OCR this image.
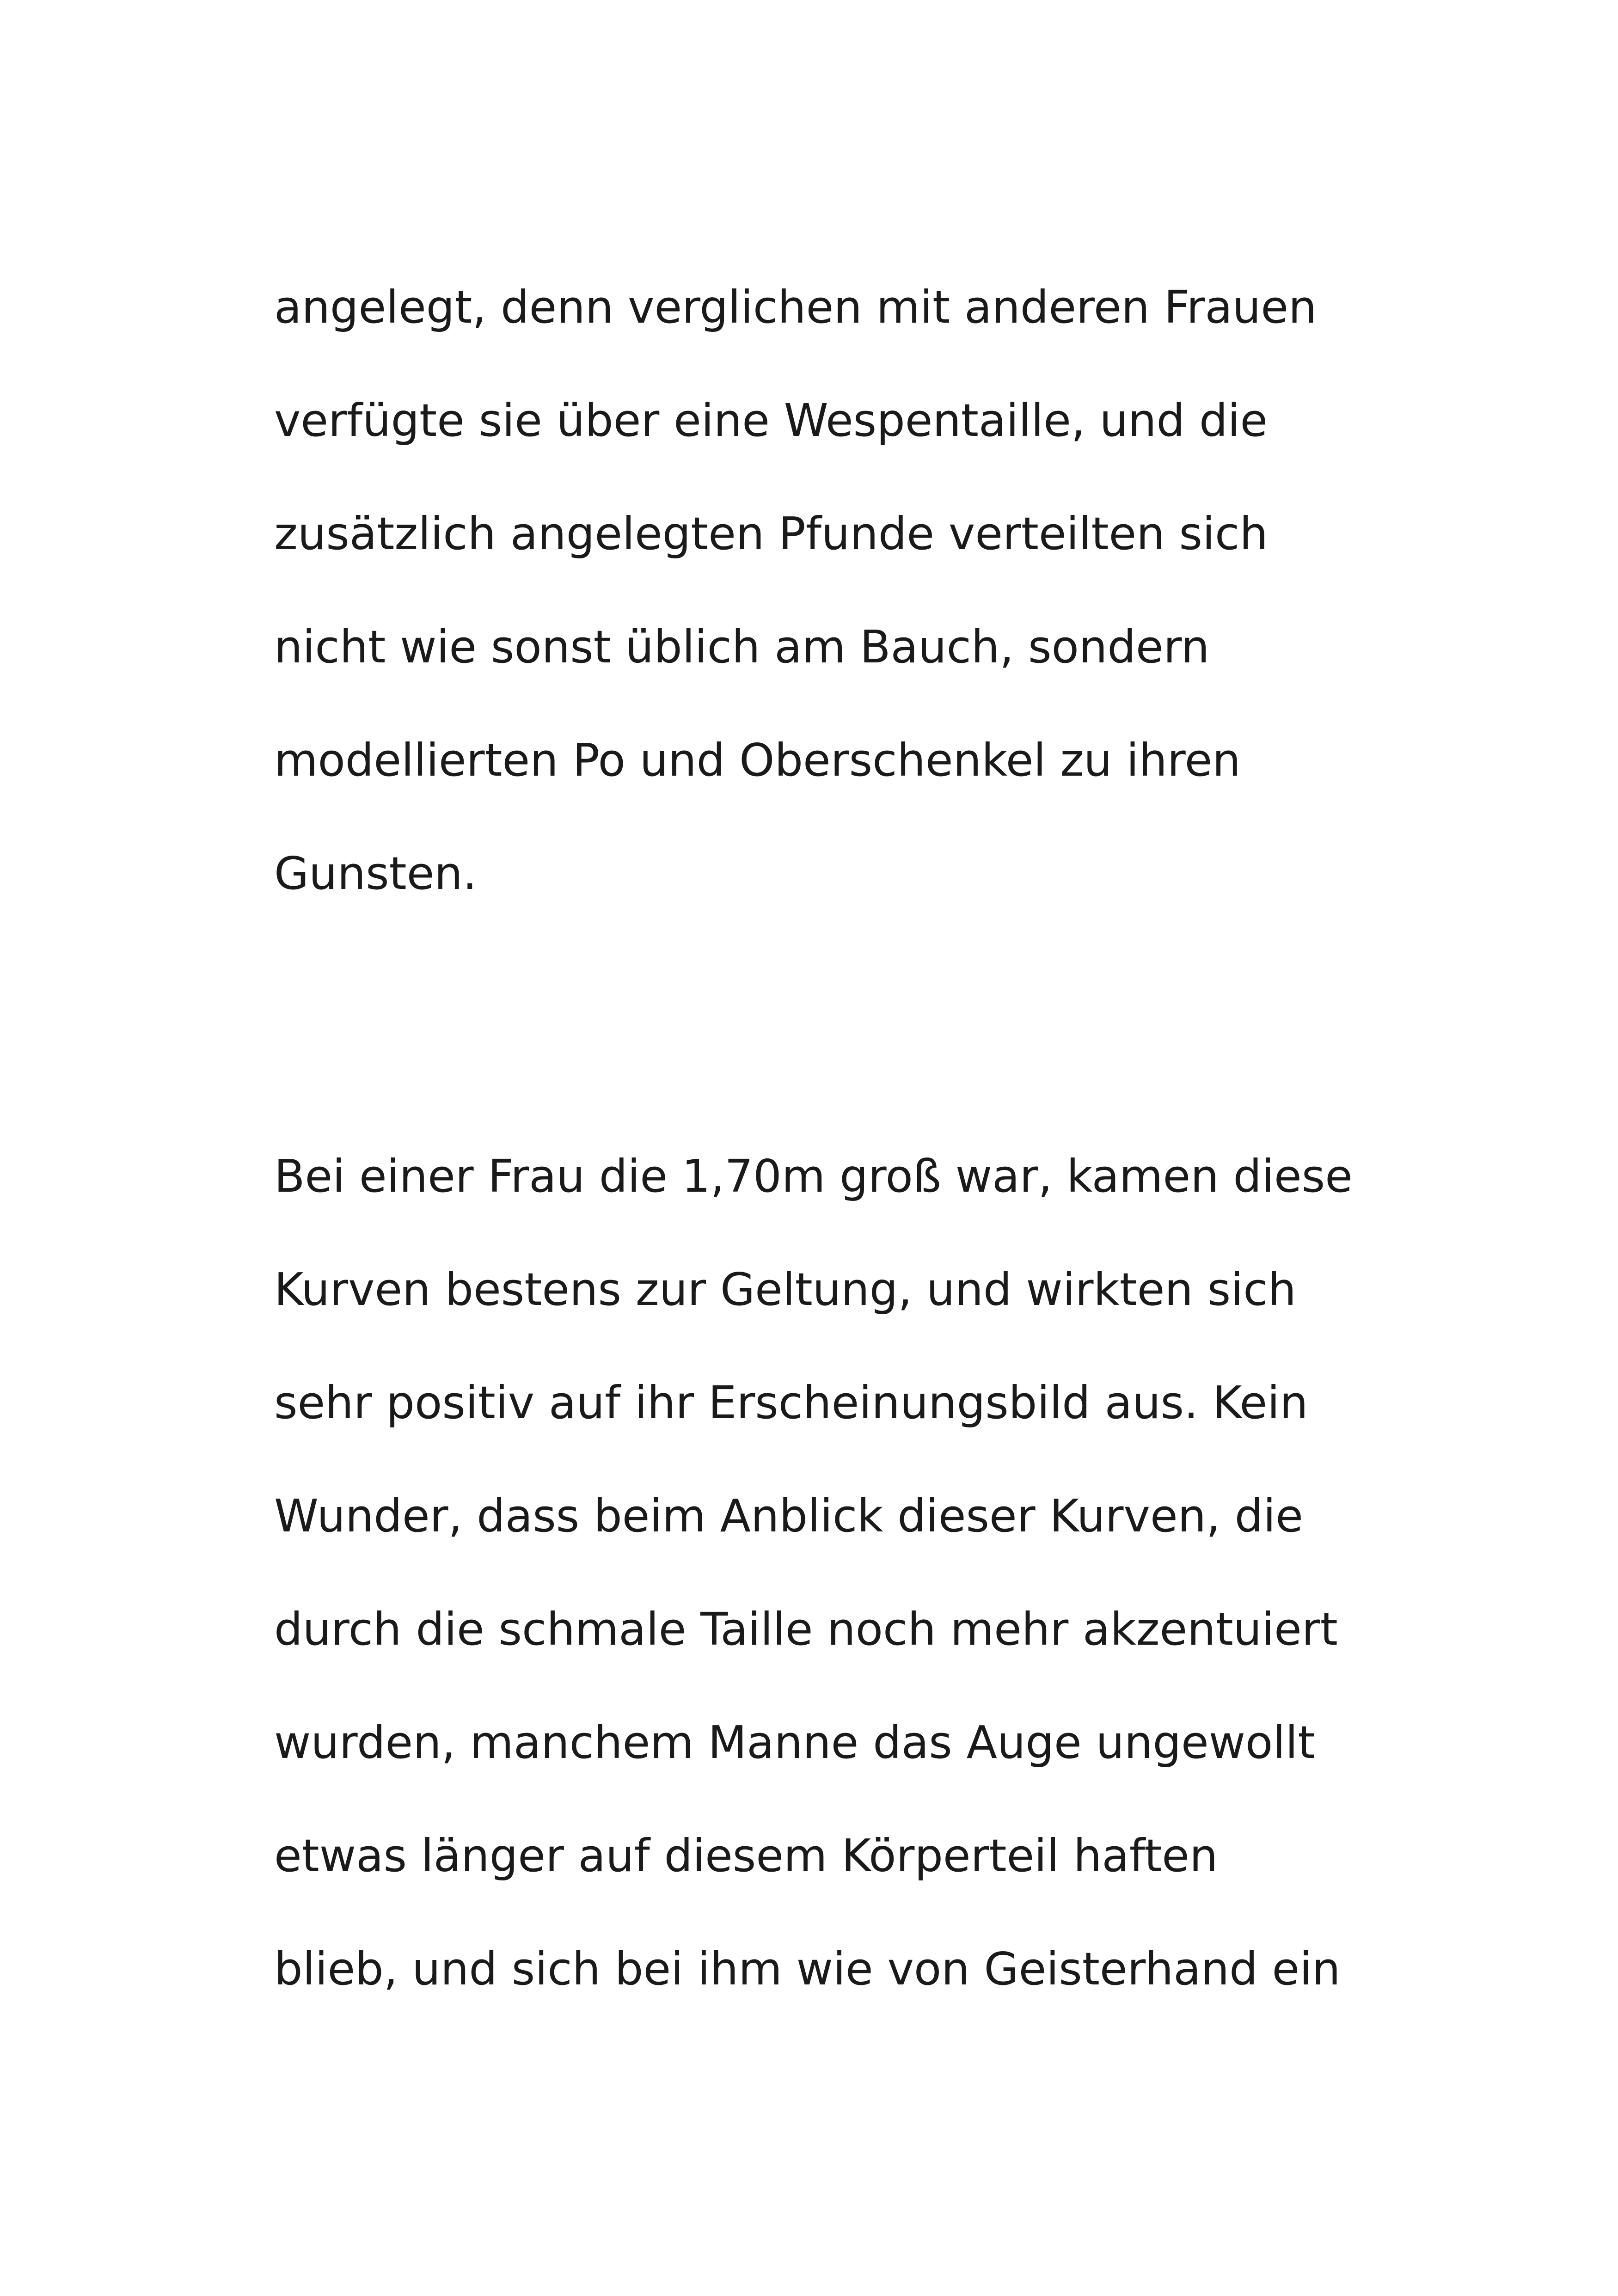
angelegt, denn verglichen mit anderen Frauen

verfügte sie über eine Wespentaille, und die

zusätzlich angelegten Pfunde verteilten sich

nicht wie sonst üblich am Bauch, sondern

modellierten Po und Oberschenkel zu ihren

Gunsten.

Bei einer Frau die 1,70m groß war, kamen diese

Kurven bestens zur Geltung, und wirkten sich

sehr positiv auf ihr Erscheinungsbild aus. Kein

Wunder, dass beim Anblick dieser Kurven, die

durch die schmale Taille noch mehr akzentuiert

wurden, manchem Manne das Auge ungewollt

etwas länger auf diesem Körperteil haften

blieb, und sich bei ihm wie von Geisterhand ein
